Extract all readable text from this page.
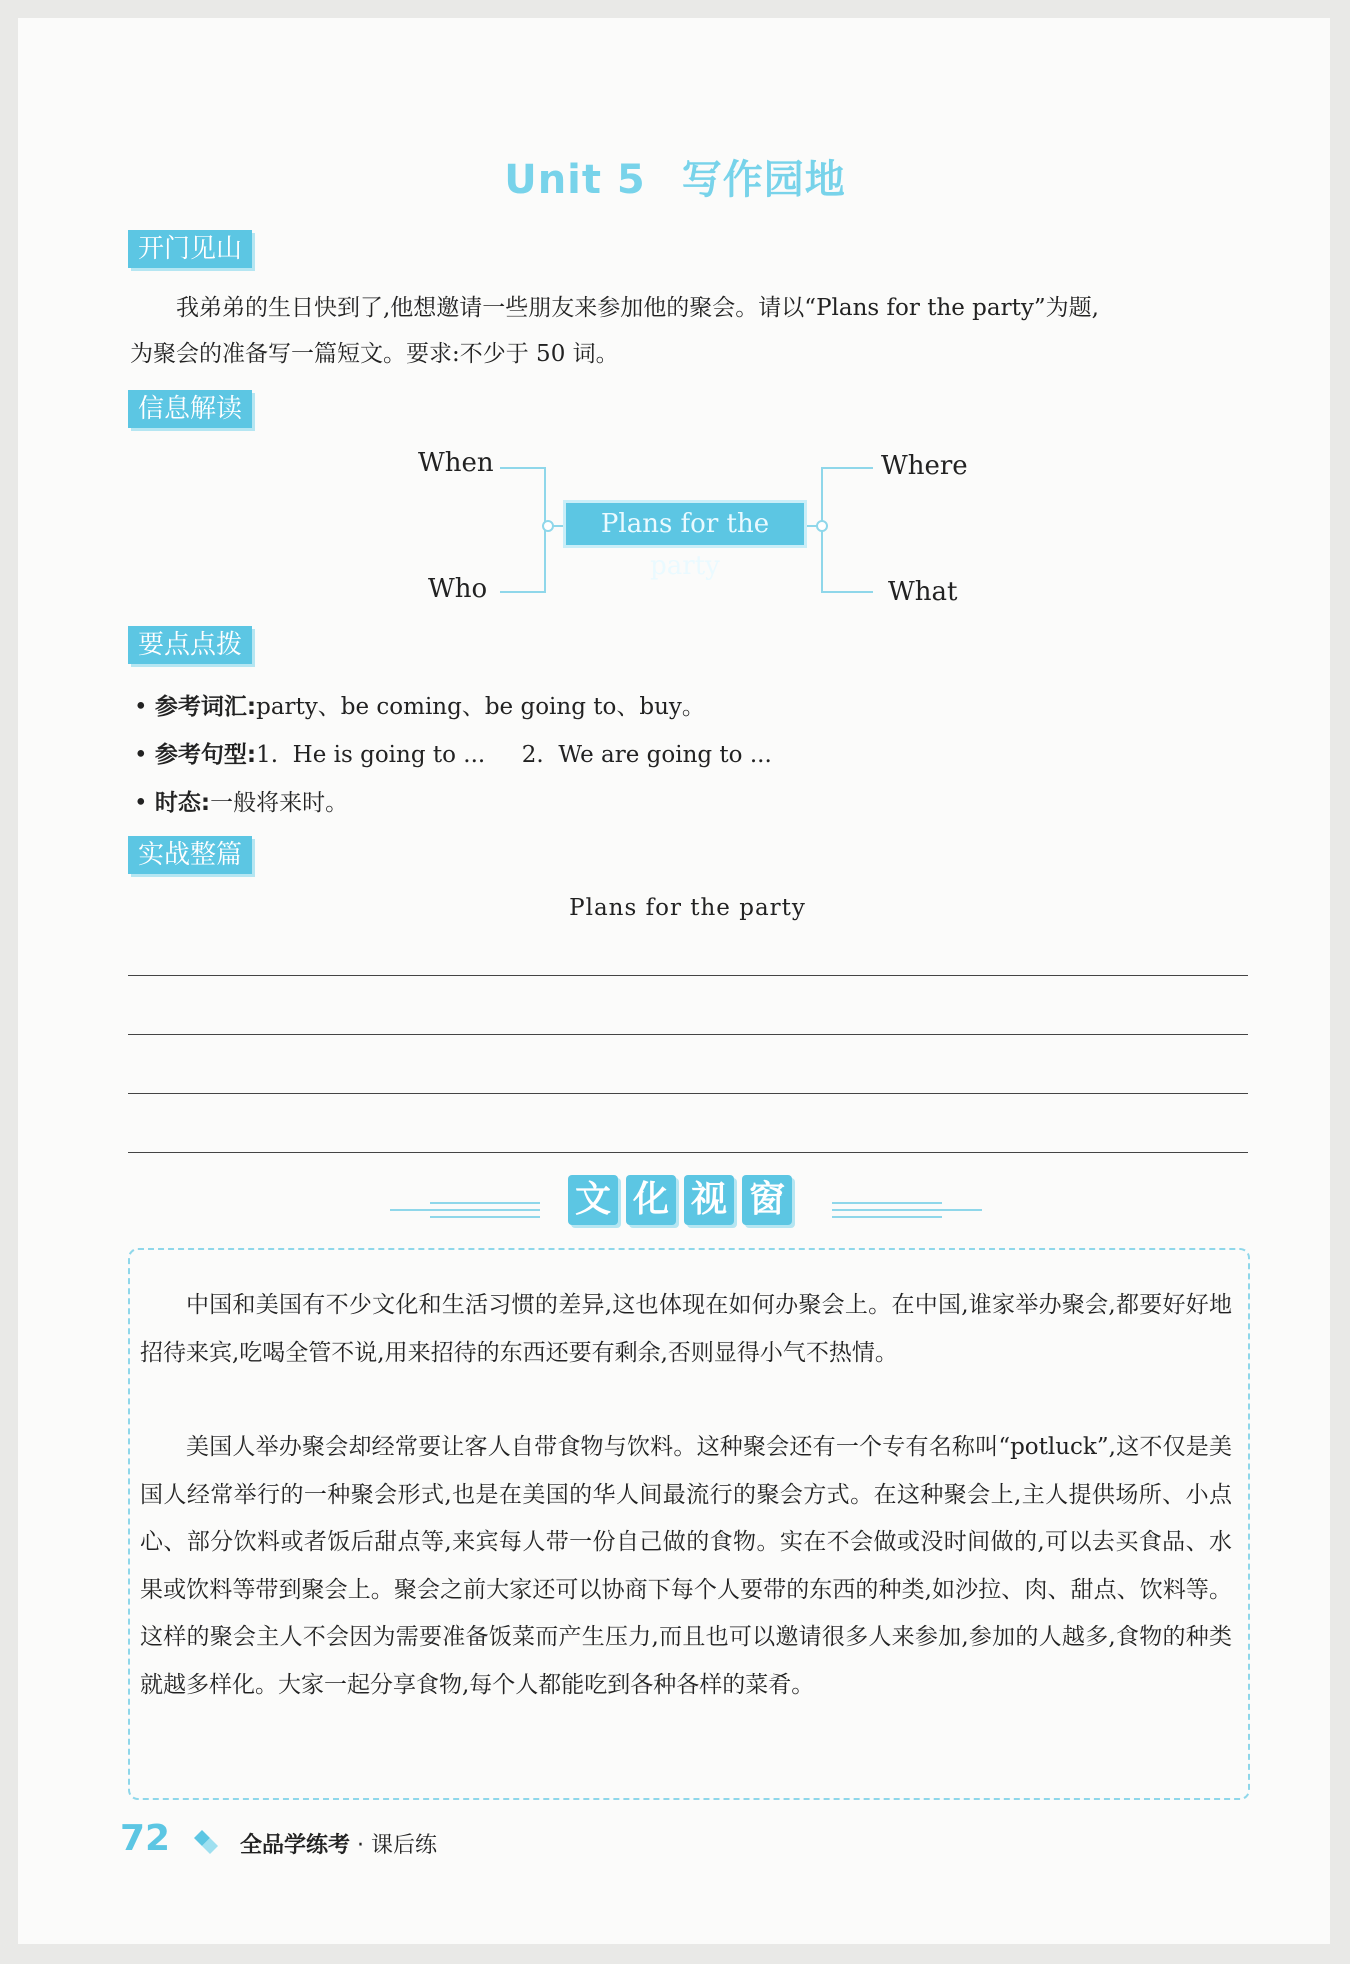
Unit 5 写作园地
开门见山
我弟弟的生日快到了,他想邀请一些朋友来参加他的聚会。请以“Plans for the party”为题,
为聚会的准备写一篇短文。要求:不少于 50 词。
信息解读
When
Who
Where
What
Plans for the party
要点点拨
• 参考词汇:party、be coming、be going to、buy。
• 参考句型:1.  He is going to ...     2.  We are going to ...
• 时态:一般将来时。
实战整篇
Plans for the party
文 化 视 窗
中国和美国有不少文化和生活习惯的差异,这也体现在如何办聚会上。在中国,谁家举办聚会,都要好好地招待来宾,吃喝全管不说,用来招待的东西还要有剩余,否则显得小气不热情。
美国人举办聚会却经常要让客人自带食物与饮料。这种聚会还有一个专有名称叫“potluck”,这不仅是美国人经常举行的一种聚会形式,也是在美国的华人间最流行的聚会方式。在这种聚会上,主人提供场所、小点心、部分饮料或者饭后甜点等,来宾每人带一份自己做的食物。实在不会做或没时间做的,可以去买食品、水果或饮料等带到聚会上。聚会之前大家还可以协商下每个人要带的东西的种类,如沙拉、肉、甜点、饮料等。这样的聚会主人不会因为需要准备饭菜而产生压力,而且也可以邀请很多人来参加,参加的人越多,食物的种类就越多样化。大家一起分享食物,每个人都能吃到各种各样的菜肴。
72	全品学练考 · 课后练
